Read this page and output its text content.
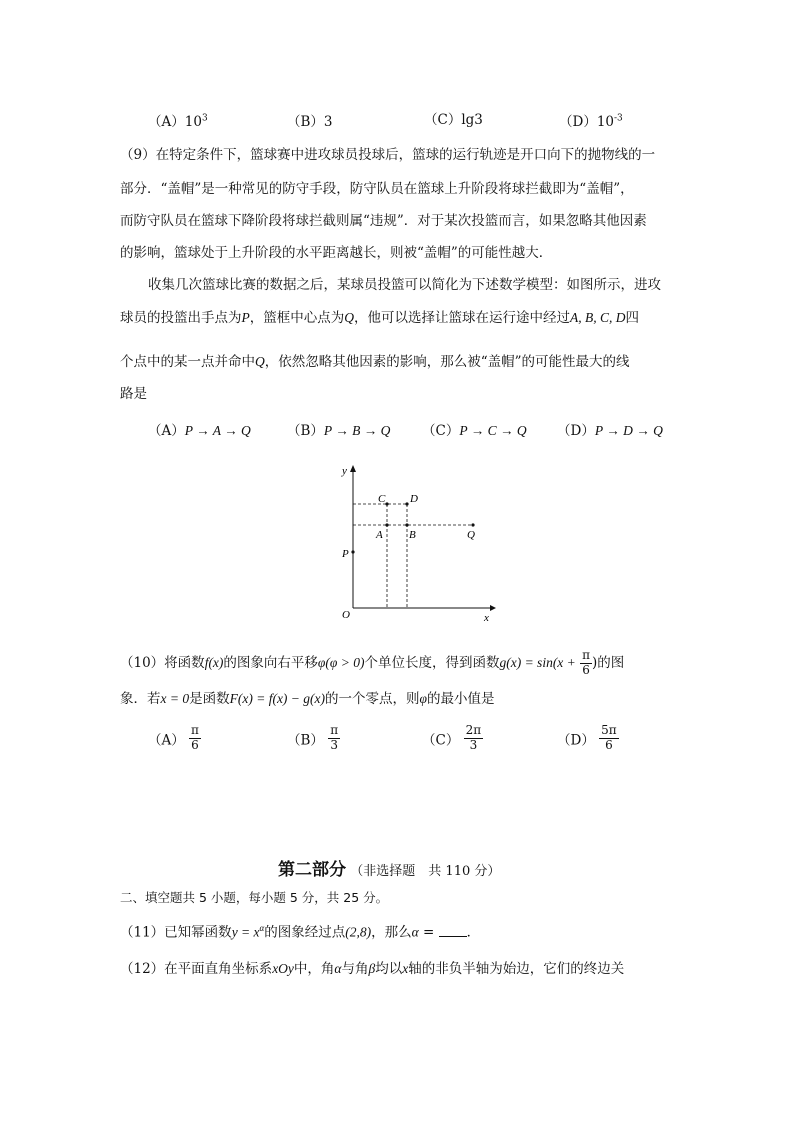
$(A)10^3$	（B）3	（C）lg3	$(D)10^{-3}$
（9）在特定条件下，篮球赛中进攻球员投球后，篮球的运行轨迹是开口向下的抛物线的一
部分．“盖帽”是一种常见的防守手段，防守队员在篮球上升阶段将球拦截即为“盖帽”，
而防守队员在篮球下降阶段将球拦截则属“违规”．对于某次投篮而言，如果忽略其他因素
的影响，篮球处于上升阶段的水平距离越长，则被“盖帽”的可能性越大．
收集几次篮球比赛的数据之后，某球员投篮可以简化为下述数学模型：如图所示，进攻
球员的投篮出手点为P，篮框中心点为Q，他可以选择让篮球在运行途中经过A, B, C, D四
个点中的某一点并命中Q，依然忽略其他因素的影响，那么被“盖帽”的可能性最大的线
路是
（A）P → A → Q	（B）P → B → Q （C）P → C → Q （D）P → D → Q
y
x
O
P
C D
A B	Q
（10）将函数f(x)的图象向右平移φ(φ > 0)个单位长度，得到函数$g(x) = \sin(x + \frac{\pi}{6}$ )的图
象．若x = 0是函数F(x) = f(x) − g(x)的一个零点，则φ的最小值是
$(A) \frac{\pi}{6}$	$(B) \frac{\pi}{3}$	$(C) \frac{2\pi}{3}$	$(D) \frac{5\pi}{6}$
第二部分 （非选择题　共 110 分）
二、填空题共 5 小题，每小题 5 分，共 25 分。
（11）已知幂函数$y = x^\alpha$的图象经过点(2,8)，那么α = ．
（12）在平面直角坐标系xOy中，角α与角β均以x轴的非负半轴为始边，它们的终边关
